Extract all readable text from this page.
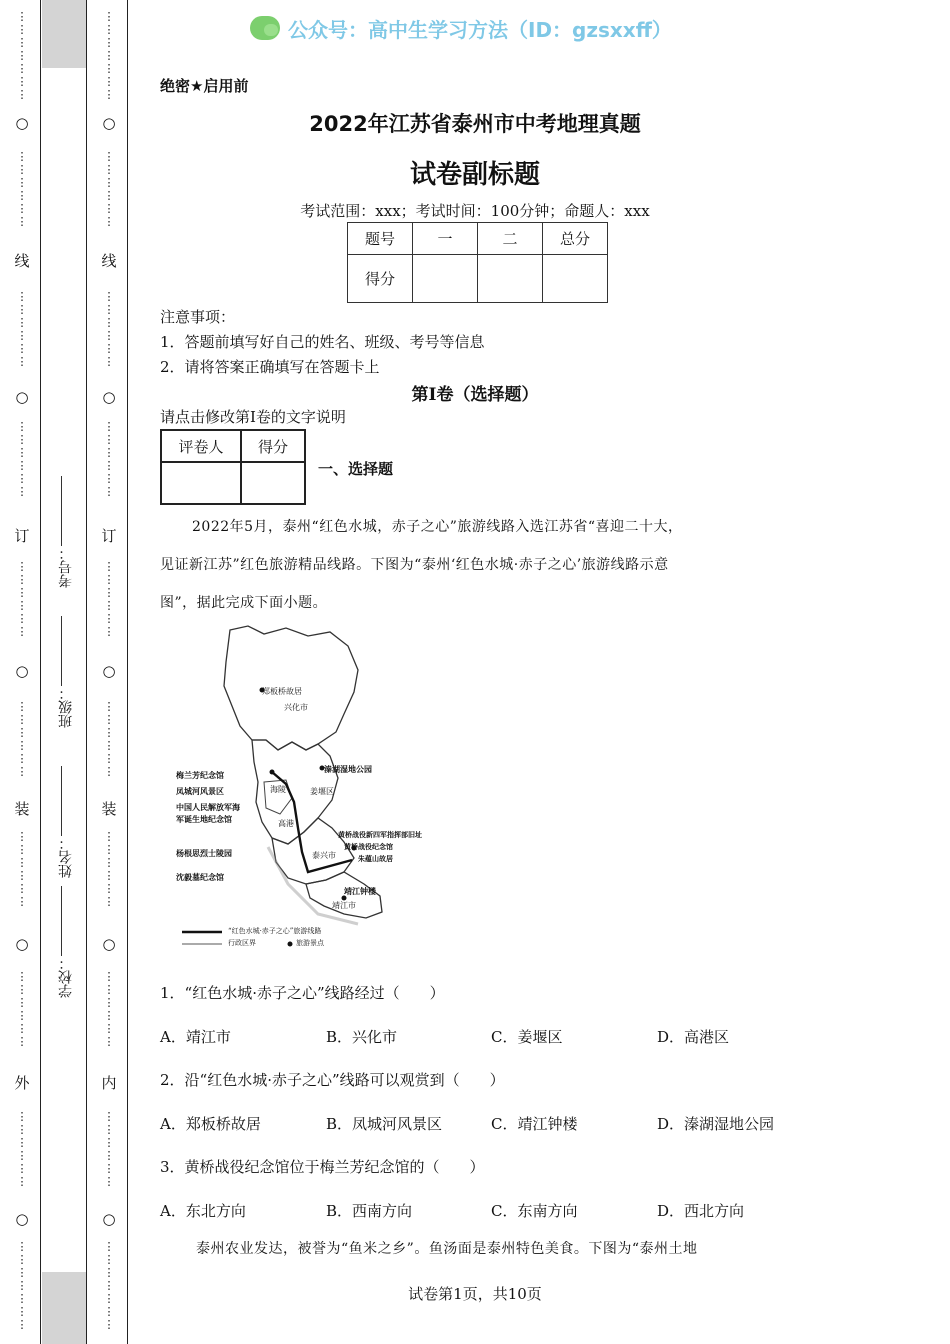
⋮
⋮
⋮
⋮
⋮
⋮
⋮
⋮
⋮
⋮
⋮
⋮
⋮
⋮
⋮
⋮
⋮
⋮
⋮
⋮
⋮
⋮
⋮
⋮
⋮
⋮
⋮
⋮
⋮
⋮
⋮
⋮
⋮
⋮
⋮
⋮
⋮
⋮
⋮
⋮
⋮
⋮
⋮
⋮
⋮
⋮
⋮
⋮
⋮
⋮
⋮
⋮
⋮
⋮
⋮
⋮
⋮
⋮
⋮
⋮
⋮
⋮
○
线
○
订
○
装
○
外
○
考号：
班级：
姓名：
学校：
⋮
⋮
⋮
⋮
⋮
⋮
⋮
⋮
⋮
⋮
⋮
⋮
⋮
⋮
⋮
⋮
⋮
⋮
⋮
⋮
⋮
⋮
⋮
⋮
⋮
⋮
⋮
⋮
⋮
⋮
⋮
⋮
⋮
⋮
⋮
⋮
⋮
⋮
⋮
⋮
⋮
⋮
⋮
⋮
⋮
⋮
⋮
⋮
⋮
⋮
⋮
⋮
⋮
⋮
⋮
⋮
⋮
⋮
⋮
⋮
⋮
⋮
○
线
○
订
○
装
○
内
○
公众号：高中生学习方法（ID：gzsxxff）
绝密★启用前
2022年江苏省泰州市中考地理真题
试卷副标题
考试范围：xxx；考试时间：100分钟；命题人：xxx
题号	一	二	总分
得分			
注意事项：
1．答题前填写好自己的姓名、班级、考号等信息
2．请将答案正确填写在答题卡上
第I卷（选择题）
请点击修改第I卷的文字说明
评卷人	得分

一、选择题
2022年5月，泰州“红色水城，赤子之心”旅游线路入选江苏省“喜迎二十大，
见证新江苏”红色旅游精品线路。下图为“泰州‘红色水城·赤子之心’旅游线路示意
图”，据此完成下面小题。
郑板桥故居
兴化市
溱湖湿地公园
姜堰区
梅兰芳纪念馆
凤城河风景区
中国人民解放军海
军诞生地纪念馆
杨根思烈士陵园
沈毅墓纪念馆
海陵
高港
黄桥战役新四军指挥部旧址
黄桥战役纪念馆
朱蕴山故居
泰兴市
靖江钟楼
靖江市
“红色水城·赤子之心”旅游线路
行政区界	旅游景点
1．“红色水城·赤子之心”线路经过（　　）
A．靖江市	B．兴化市	C．姜堰区	D．高港区
2．沿“红色水城·赤子之心”线路可以观赏到（　　）
A．郑板桥故居	B．凤城河风景区	C．靖江钟楼	D．溱湖湿地公园
3．黄桥战役纪念馆位于梅兰芳纪念馆的（　　）
A．东北方向	B．西南方向	C．东南方向	D．西北方向
泰州农业发达，被誉为“鱼米之乡”。鱼汤面是泰州特色美食。下图为“泰州土地
试卷第1页，共10页
